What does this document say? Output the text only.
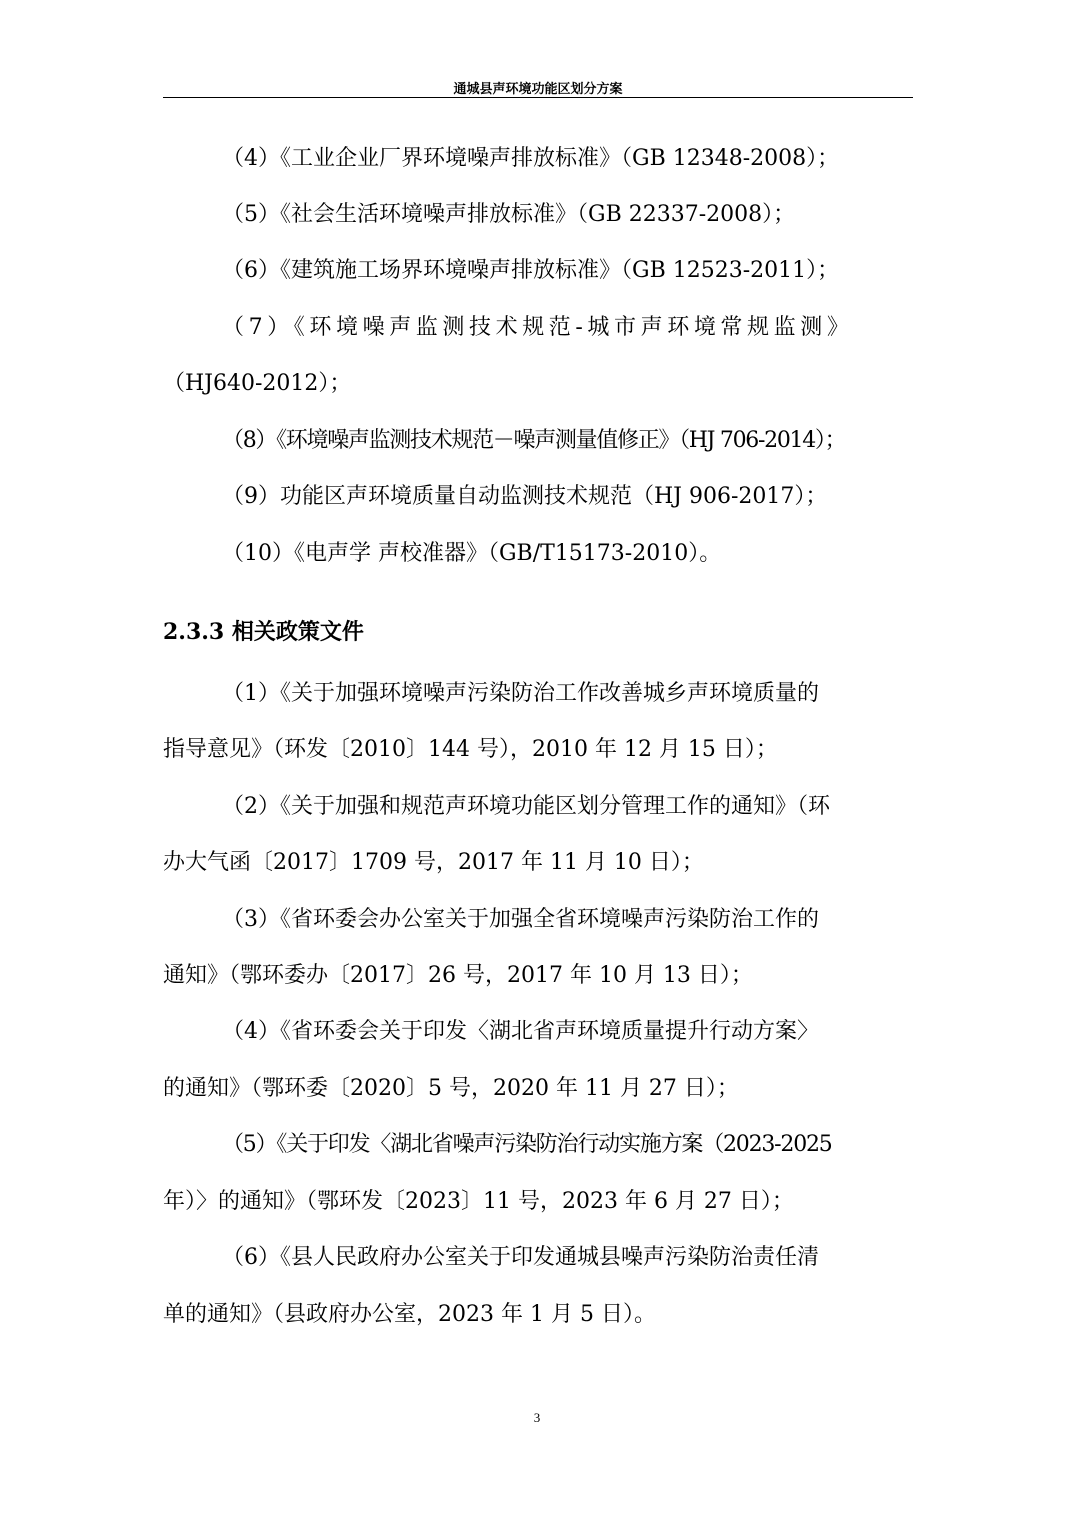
通城县声环境功能区划分方案
（4）《工业企业厂界环境噪声排放标准》（GB 12348-2008）；
（5）《社会生活环境噪声排放标准》（GB 22337-2008）；
（6）《建筑施工场界环境噪声排放标准》（GB 12523-2011）；
（7）《环境噪声监测技术规范-城市声环境常规监测》
（HJ640-2012）；
（8）《环境噪声监测技术规范－噪声测量值修正》（HJ 706-2014）；
（9）功能区声环境质量自动监测技术规范（HJ 906-2017）；
（10）《电声学 声校准器》（GB/T15173-2010）。
2.3.3 相关政策文件
（1）《关于加强环境噪声污染防治工作改善城乡声环境质量的
指导意见》（环发〔2010〕144 号），2010 年 12 月 15 日）；
（2）《关于加强和规范声环境功能区划分管理工作的通知》（环
办大气函〔2017〕1709 号，2017 年 11 月 10 日）；
（3）《省环委会办公室关于加强全省环境噪声污染防治工作的
通知》（鄂环委办〔2017〕26 号，2017 年 10 月 13 日）；
（4）《省环委会关于印发〈湖北省声环境质量提升行动方案〉
的通知》（鄂环委〔2020〕5 号，2020 年 11 月 27 日）；
（5）《关于印发〈湖北省噪声污染防治行动实施方案（2023-2025
年）〉的通知》（鄂环发〔2023〕11 号，2023 年 6 月 27 日）；
（6）《县人民政府办公室关于印发通城县噪声污染防治责任清
单的通知》（县政府办公室，2023 年 1 月 5 日）。
3
